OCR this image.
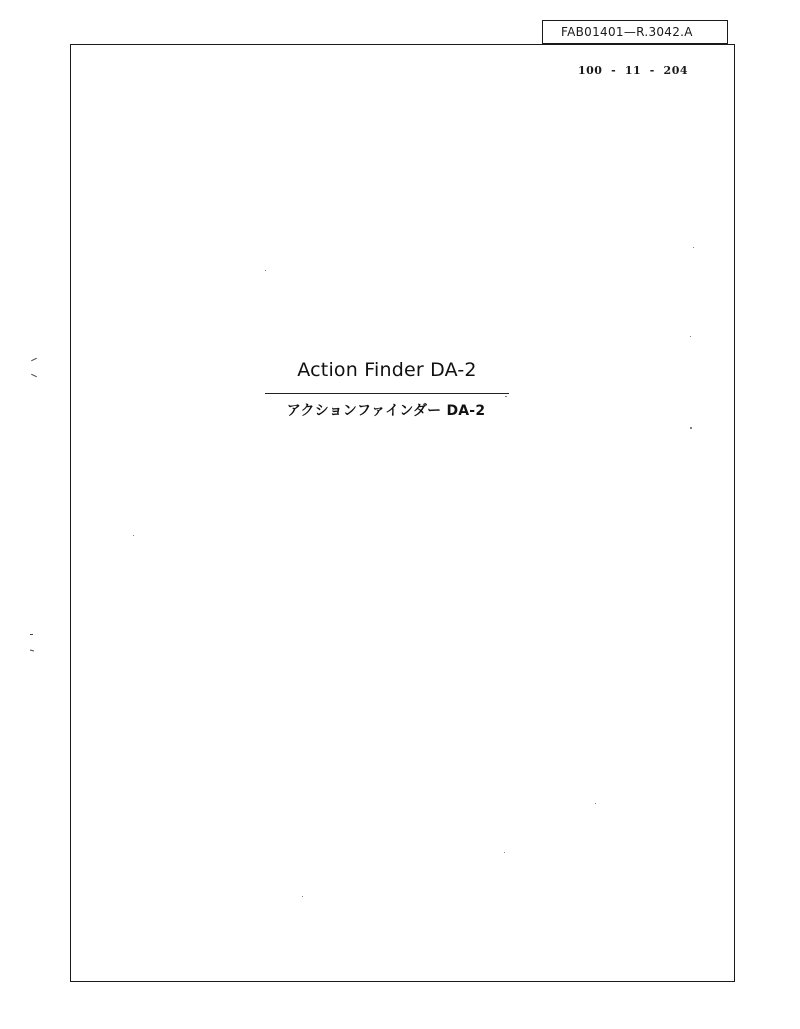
FAB01401—R.3042.A
100  -  11  -  204
Action Finder DA-2
アクションファインダー DA-2
